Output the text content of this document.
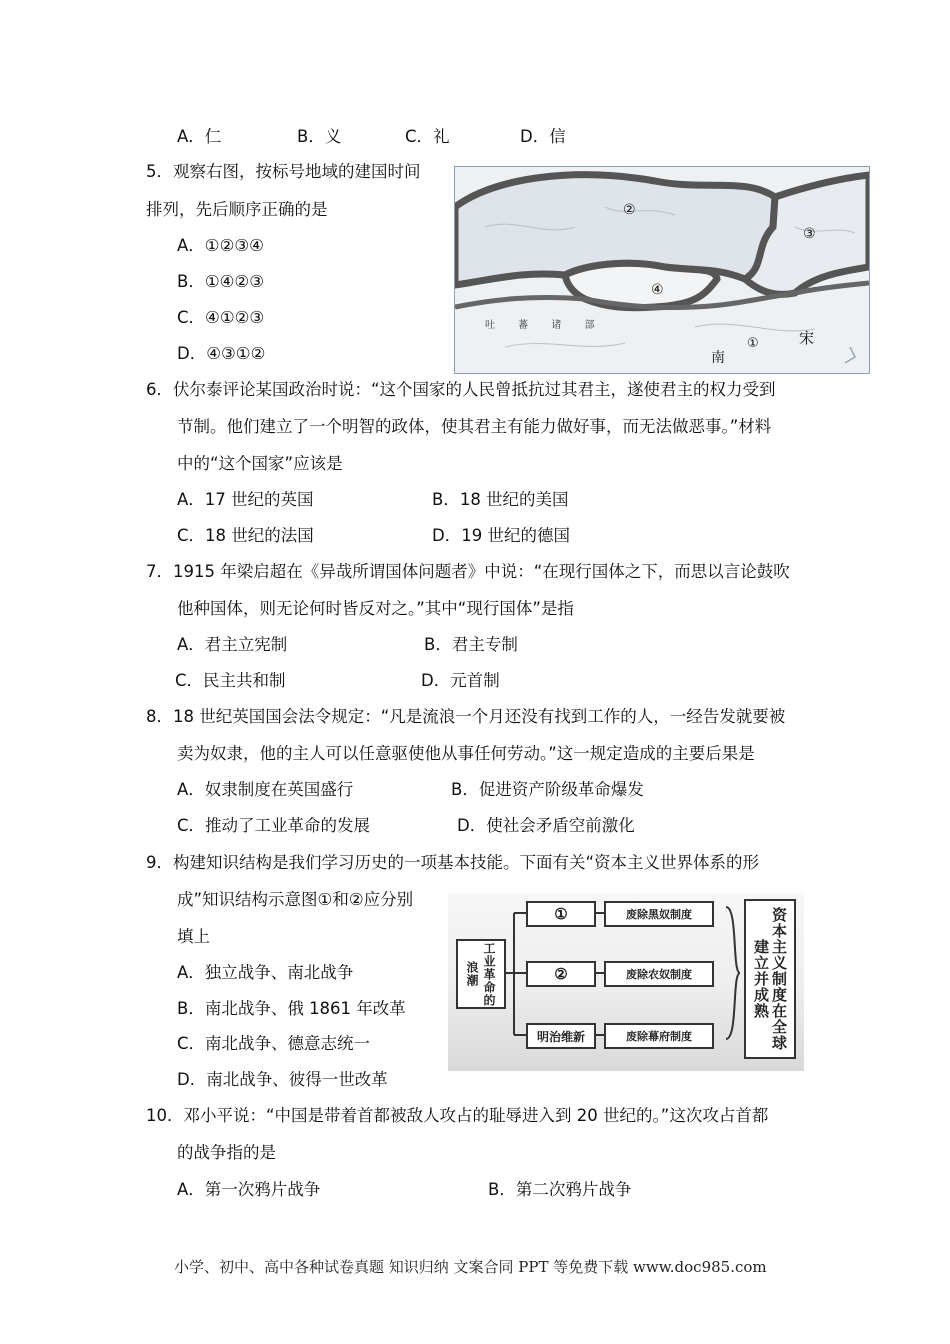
A．仁	B．义	C．礼	D．信
5．观察右图，按标号地域的建国时间
排列，先后顺序正确的是
A．①②③④
B．①④②③
C．④①②③
D．④③①②
②
③
④
①	宋
南
吐 蕃 诸 部
6．伏尔泰评论某国政治时说：“这个国家的人民曾抵抗过其君主，遂使君主的权力受到
节制。他们建立了一个明智的政体，使其君主有能力做好事，而无法做恶事。”材料
中的“这个国家”应该是
A．17 世纪的英国	B．18 世纪的美国
C．18 世纪的法国	D．19 世纪的德国
7．1915 年梁启超在《异哉所谓国体问题者》中说：“在现行国体之下，而思以言论鼓吹
他种国体，则无论何时皆反对之。”其中“现行国体”是指
A．君主立宪制	B．君主专制
C．民主共和制	D．元首制
8．18 世纪英国国会法令规定：“凡是流浪一个月还没有找到工作的人，一经告发就要被
卖为奴隶，他的主人可以任意驱使他从事任何劳动。”这一规定造成的主要后果是
A．奴隶制度在英国盛行	B．促进资产阶级革命爆发
C．推动了工业革命的发展	D．使社会矛盾空前激化
9．构建知识结构是我们学习历史的一项基本技能。下面有关“资本主义世界体系的形
成”知识结构示意图①和②应分别
填上
A．独立战争、南北战争
B．南北战争、俄 1861 年改革
C．南北战争、德意志统一
D．南北战争、彼得一世改革
工业革命的浪潮
①
②
明治维新
废除黑奴制度
废除农奴制度
废除幕府制度	资本主义制度在全球建立并成熟
10．邓小平说：“中国是带着首都被敌人攻占的耻辱进入到 20 世纪的。”这次攻占首都
的战争指的是
A．第一次鸦片战争	B．第二次鸦片战争
小学、初中、高中各种试卷真题 知识归纳 文案合同 PPT 等免费下载 www.doc985.com
